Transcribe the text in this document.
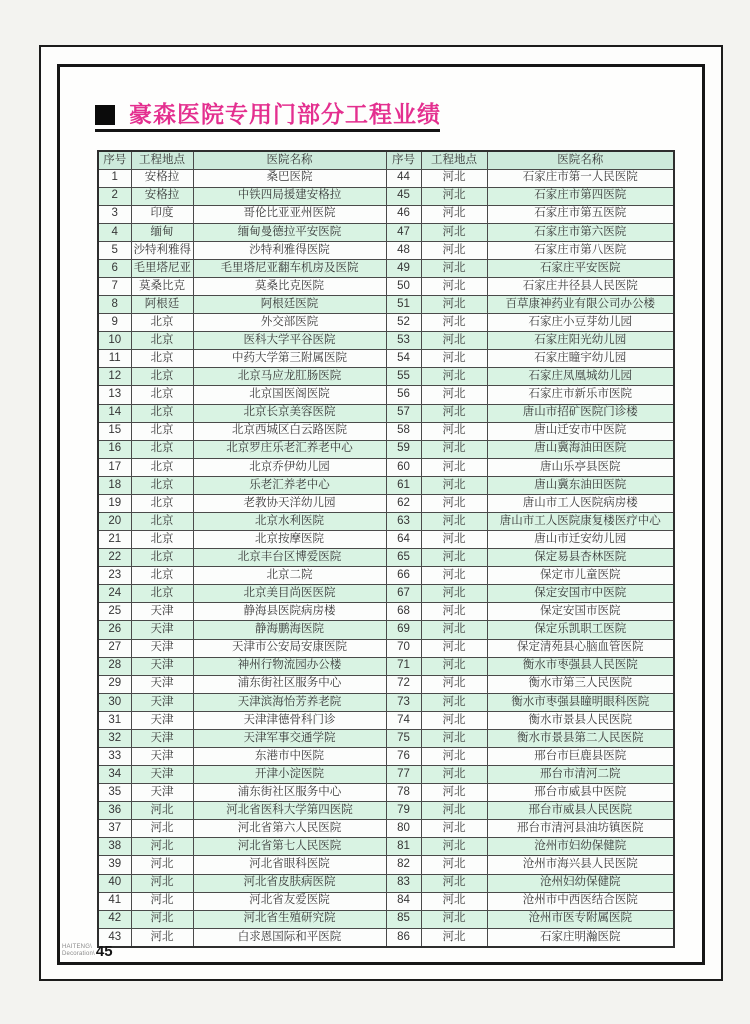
豪森医院专用门部分工程业绩
序号	工程地点	医院名称	序号	工程地点	医院名称
1	安格拉	桑巴医院	44	河北	石家庄市第一人民医院
2	安格拉	中铁四局援建安格拉	45	河北	石家庄市第四医院
3	印度	哥伦比亚亚州医院	46	河北	石家庄市第五医院
4	缅甸	缅甸曼德拉平安医院	47	河北	石家庄市第六医院
5	沙特利雅得	沙特利雅得医院	48	河北	石家庄市第八医院
6	毛里塔尼亚	毛里塔尼亚翻车机房及医院	49	河北	石家庄平安医院
7	莫桑比克	莫桑比克医院	50	河北	石家庄井径县人民医院
8	阿根廷	阿根廷医院	51	河北	百草康神药业有限公司办公楼
9	北京	外交部医院	52	河北	石家庄小豆芽幼儿园
10	北京	医科大学平谷医院	53	河北	石家庄阳光幼儿园
11	北京	中药大学第三附属医院	54	河北	石家庄瞳宇幼儿园
12	北京	北京马应龙肛肠医院	55	河北	石家庄凤凰城幼儿园
13	北京	北京国医阁医院	56	河北	石家庄市新乐市医院
14	北京	北京长京美容医院	57	河北	唐山市招矿医院门诊楼
15	北京	北京西城区白云路医院	58	河北	唐山迁安市中医院
16	北京	北京罗庄乐老汇养老中心	59	河北	唐山冀海油田医院
17	北京	北京乔伊幼儿园	60	河北	唐山乐亭县医院
18	北京	乐老汇养老中心	61	河北	唐山冀东油田医院
19	北京	老教协天洋幼儿园	62	河北	唐山市工人医院病房楼
20	北京	北京水利医院	63	河北	唐山市工人医院康复楼医疗中心
21	北京	北京按摩医院	64	河北	唐山市迁安幼儿园
22	北京	北京丰台区博爱医院	65	河北	保定易县杏林医院
23	北京	北京二院	66	河北	保定市儿童医院
24	北京	北京美目尚医医院	67	河北	保定安国市中医院
25	天津	静海县医院病房楼	68	河北	保定安国市医院
26	天津	静海鹏海医院	69	河北	保定乐凯职工医院
27	天津	天津市公安局安康医院	70	河北	保定清苑县心脑血管医院
28	天津	神州行物流园办公楼	71	河北	衡水市枣强县人民医院
29	天津	浦东街社区服务中心	72	河北	衡水市第三人民医院
30	天津	天津滨海怡芳养老院	73	河北	衡水市枣强县瞳明眼科医院
31	天津	天津津德骨科门诊	74	河北	衡水市景县人民医院
32	天津	天津军事交通学院	75	河北	衡水市景县第二人民医院
33	天津	东港市中医院	76	河北	邢台市巨鹿县医院
34	天津	开津小淀医院	77	河北	邢台市清河二院
35	天津	浦东街社区服务中心	78	河北	邢台市威县中医院
36	河北	河北省医科大学第四医院	79	河北	邢台市威县人民医院
37	河北	河北省第六人民医院	80	河北	邢台市清河县油坊镇医院
38	河北	河北省第七人民医院	81	河北	沧州市妇幼保健院
39	河北	河北省眼科医院	82	河北	沧州市海兴县人民医院
40	河北	河北省皮肤病医院	83	河北	沧州妇幼保健院
41	河北	河北省友爱医院	84	河北	沧州市中西医结合医院
42	河北	河北省生殖研究院	85	河北	沧州市医专附属医院
43	河北	白求恩国际和平医院	86	河北	石家庄明瀚医院
HAITENG\
Decoration\ 45
